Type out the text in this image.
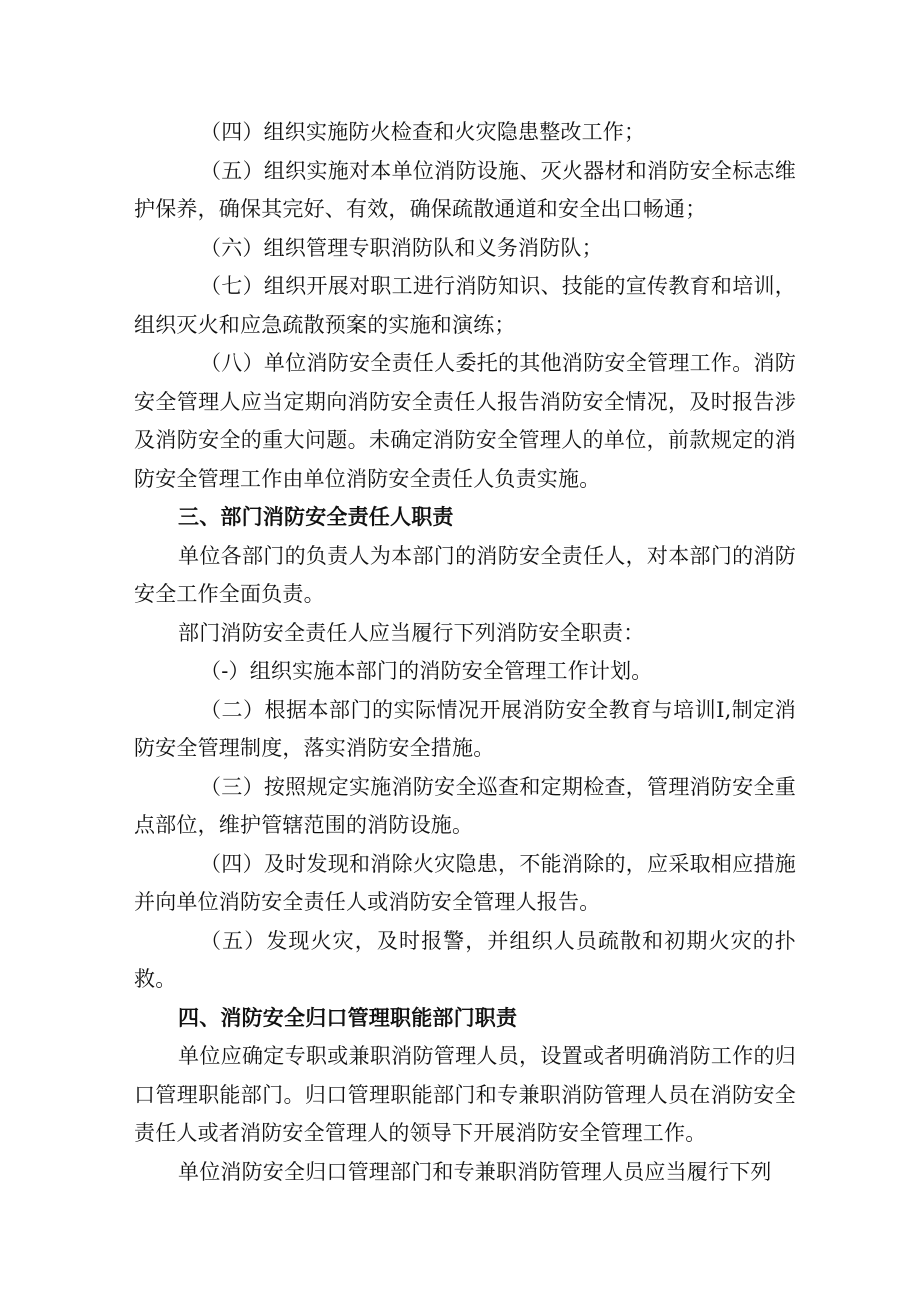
（四）组织实施防火检查和火灾隐患整改工作；

（五）组织实施对本单位消防设施、灭火器材和消防安全标志维护保养，确保其完好、有效，确保疏散通道和安全出口畅通；

（六）组织管理专职消防队和义务消防队；

（七）组织开展对职工进行消防知识、技能的宣传教育和培训，组织灭火和应急疏散预案的实施和演练；

（八）单位消防安全责任人委托的其他消防安全管理工作。消防安全管理人应当定期向消防安全责任人报告消防安全情况，及时报告涉及消防安全的重大问题。未确定消防安全管理人的单位，前款规定的消防安全管理工作由单位消防安全责任人负责实施。

三、部门消防安全责任人职责

单位各部门的负责人为本部门的消防安全责任人，对本部门的消防安全工作全面负责。

部门消防安全责任人应当履行下列消防安全职责：

（-）组织实施本部门的消防安全管理工作计划。

（二）根据本部门的实际情况开展消防安全教育与培训I,制定消防安全管理制度，落实消防安全措施。

（三）按照规定实施消防安全巡查和定期检查，管理消防安全重点部位，维护管辖范围的消防设施。

（四）及时发现和消除火灾隐患，不能消除的，应采取相应措施并向单位消防安全责任人或消防安全管理人报告。

（五）发现火灾，及时报警，并组织人员疏散和初期火灾的扑救。

四、消防安全归口管理职能部门职责

单位应确定专职或兼职消防管理人员，设置或者明确消防工作的归口管理职能部门。归口管理职能部门和专兼职消防管理人员在消防安全责任人或者消防安全管理人的领导下开展消防安全管理工作。

单位消防安全归口管理部门和专兼职消防管理人员应当履行下列
